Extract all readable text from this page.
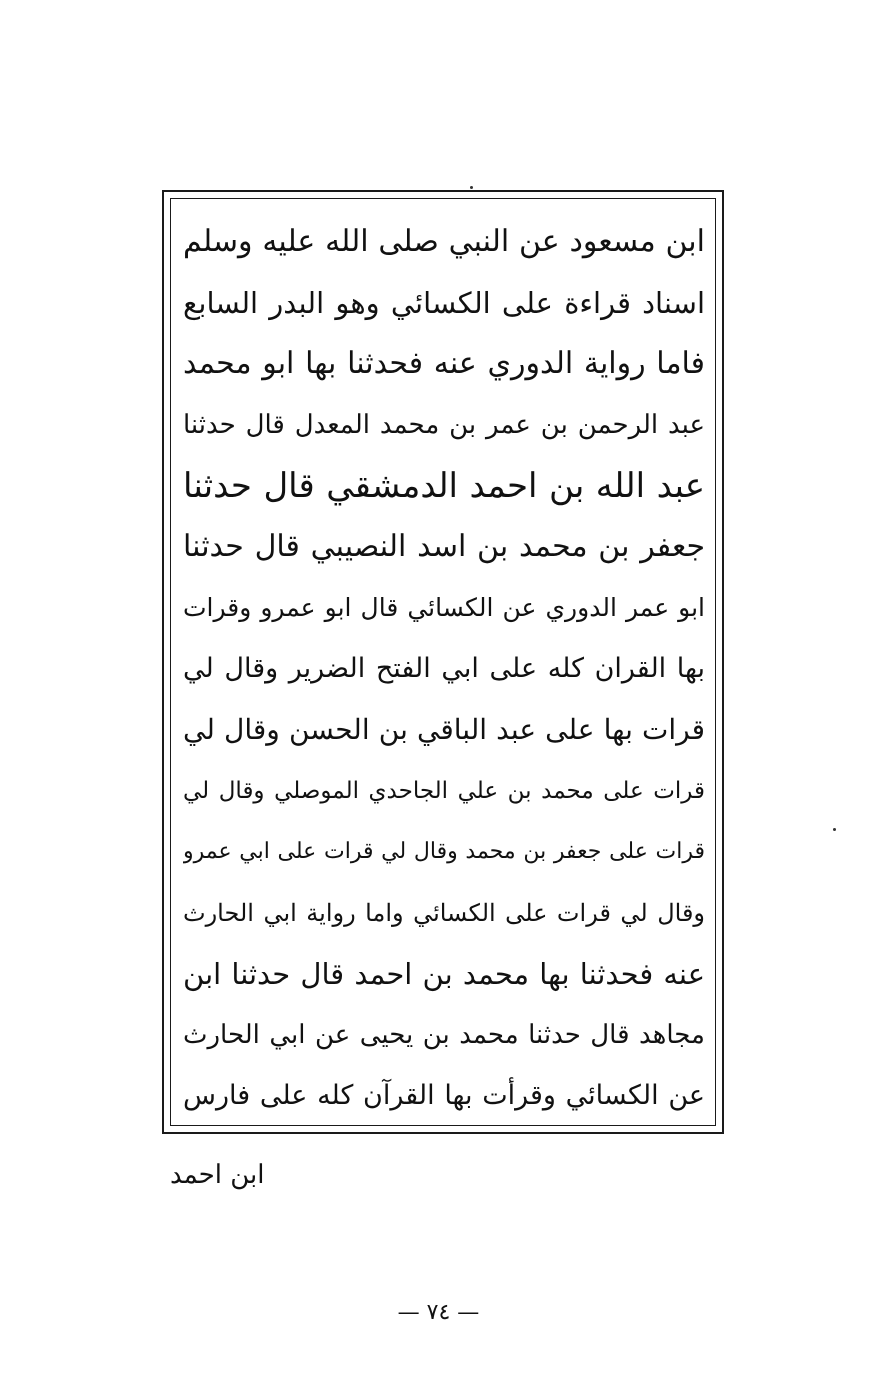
ابن مسعود عن النبي صلى الله عليه وسلم
اسناد قراءة على الكسائي وهو البدر السابع
فاما رواية الدوري عنه فحدثنا بها ابو محمد
عبد الرحمن بن عمر بن محمد المعدل قال حدثنا
عبد الله بن احمد الدمشقي قال حدثنا
جعفر بن محمد بن اسد النصيبي قال حدثنا
ابو عمر الدوري عن الكسائي قال ابو عمرو وقرات
بها القران كله على ابي الفتح الضرير وقال لي
قرات بها على عبد الباقي بن الحسن وقال لي
قرات على محمد بن علي الجاحدي الموصلي وقال لي
قرات على جعفر بن محمد وقال لي قرات على ابي عمرو
وقال لي قرات على الكسائي واما رواية ابي الحارث
عنه فحدثنا بها محمد بن احمد قال حدثنا ابن
مجاهد قال حدثنا محمد بن يحيى عن ابي الحارث
عن الكسائي وقرأت بها القرآن كله على فارس
ابن احمد
— ٧٤ —
